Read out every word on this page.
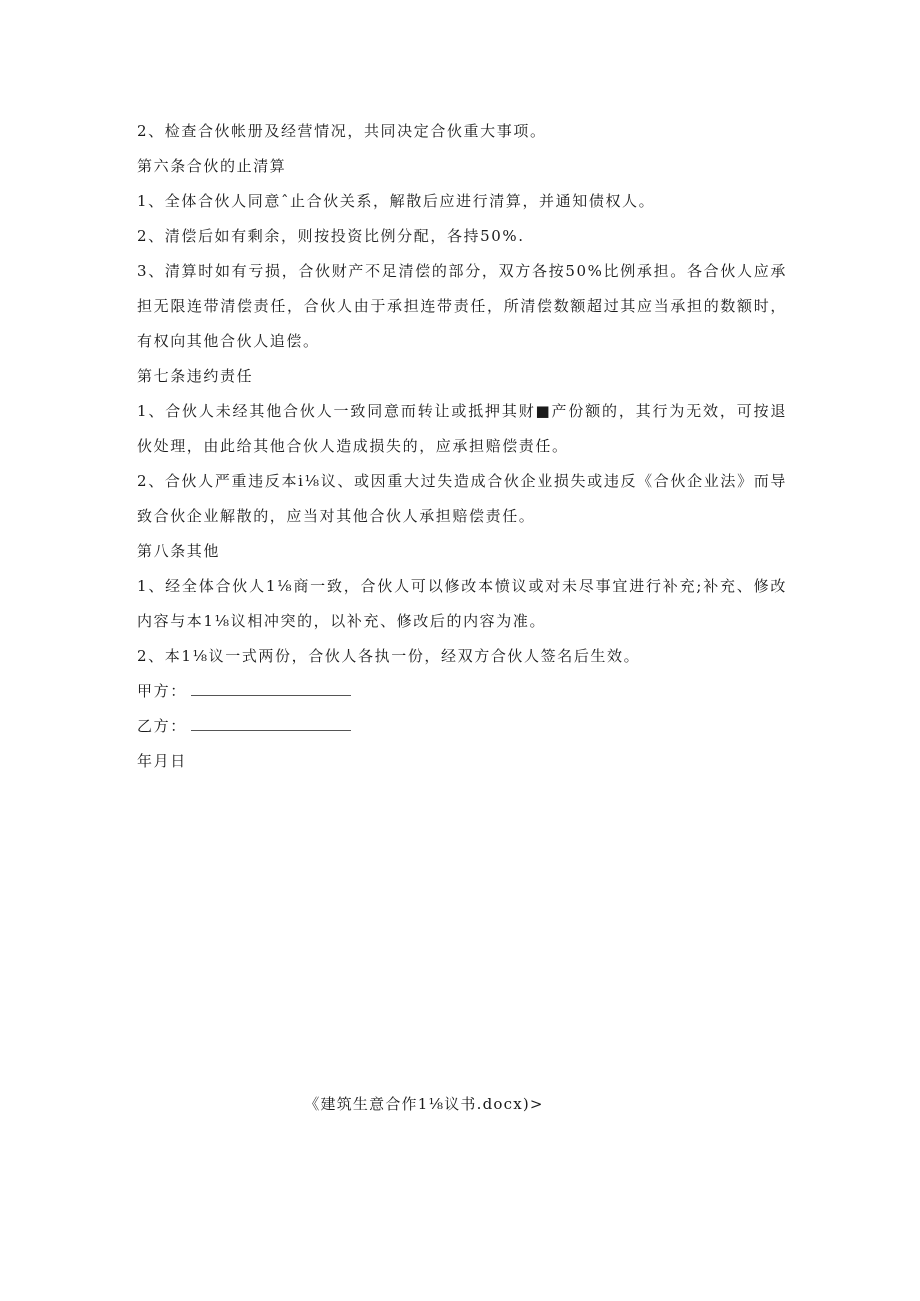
2、检查合伙帐册及经营情况，共同决定合伙重大事项。

第六条合伙的止清算

1、全体合伙人同意ˆ止合伙关系，解散后应进行清算，并通知债权人。

2、清偿后如有剩余，则按投资比例分配，各持50%.

3、清算时如有亏损，合伙财产不足清偿的部分，双方各按50%比例承担。各合伙人应承担无限连带清偿责任，合伙人由于承担连带责任，所清偿数额超过其应当承担的数额时，有权向其他合伙人追偿。

第七条违约责任

1、合伙人未经其他合伙人一致同意而转让或抵押其财■产份额的，其行为无效，可按退伙处理，由此给其他合伙人造成损失的，应承担赔偿责任。

2、合伙人严重违反本i⅛议、或因重大过失造成合伙企业损失或违反《合伙企业法》而导致合伙企业解散的，应当对其他合伙人承担赔偿责任。

第八条其他

1、经全体合伙人1⅛商一致，合伙人可以修改本愤议或对未尽事宜进行补充;补充、修改内容与本1⅛议相冲突的，以补充、修改后的内容为准。

2、本1⅛议一式两份，合伙人各执一份，经双方合伙人签名后生效。

甲方：
乙方：

年月日

《建筑生意合作1⅛议书.docx)>
